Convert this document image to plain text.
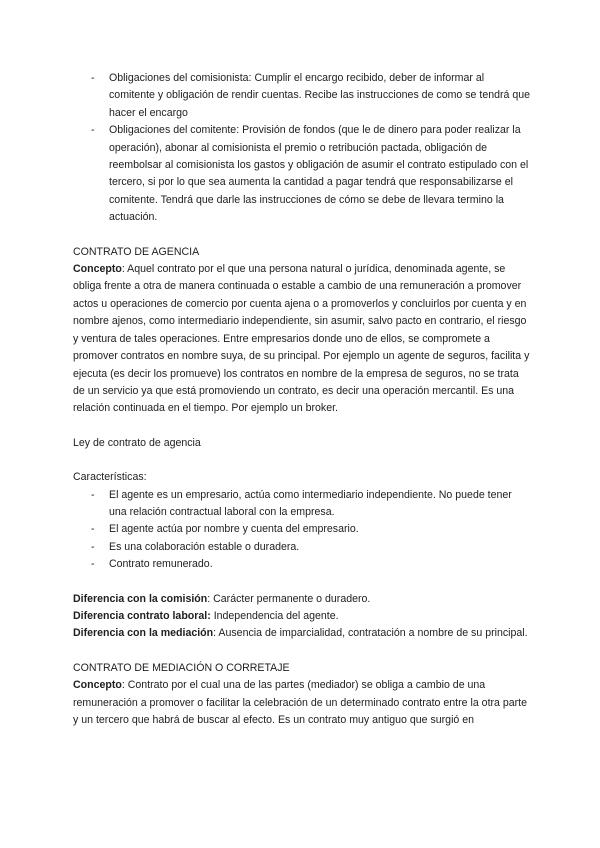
- Obligaciones del comisionista: Cumplir el encargo recibido, deber de informar al comitente y obligación de rendir cuentas. Recibe las instrucciones de como se tendrá que hacer el encargo
- Obligaciones del comitente: Provisión de fondos (que le de dinero para poder realizar la operación), abonar al comisionista el premio o retribución pactada, obligación de reembolsar al comisionista los gastos y obligación de asumir el contrato estipulado con el tercero, si por lo que sea aumenta la cantidad a pagar tendrá que responsabilizarse el comitente. Tendrá que darle las instrucciones de cómo se debe de llevara termino la actuación.

CONTRATO DE AGENCIA

Concepto: Aquel contrato por el que una persona natural o jurídica, denominada agente, se obliga frente a otra de manera continuada o estable a cambio de una remuneración a promover actos u operaciones de comercio por cuenta ajena o a promoverlos y concluirlos por cuenta y en nombre ajenos, como intermediario independiente, sin asumir, salvo pacto en contrario, el riesgo y ventura de tales operaciones. Entre empresarios donde uno de ellos, se compromete a promover contratos en nombre suya, de su principal. Por ejemplo un agente de seguros, facilita y ejecuta (es decir los promueve) los contratos en nombre de la empresa de seguros, no se trata de un servicio ya que está promoviendo un contrato, es decir una operación mercantil. Es una relación continuada en el tiempo. Por ejemplo un broker.

Ley de contrato de agencia

Características:

- El agente es un empresario, actúa como intermediario independiente. No puede tener una relación contractual laboral con la empresa.
- El agente actúa por nombre y cuenta del empresario.
- Es una colaboración estable o duradera.
- Contrato remunerado.

Diferencia con la comisión: Carácter permanente o duradero.

Diferencia contrato laboral: Independencia del agente.

Diferencia con la mediación: Ausencia de imparcialidad, contratación a nombre de su principal.

CONTRATO DE MEDIACIÓN O CORRETAJE

Concepto: Contrato por el cual una de las partes (mediador) se obliga a cambio de una remuneración a promover o facilitar la celebración de un determinado contrato entre la otra parte y un tercero que habrá de buscar al efecto. Es un contrato muy antiguo que surgió en
